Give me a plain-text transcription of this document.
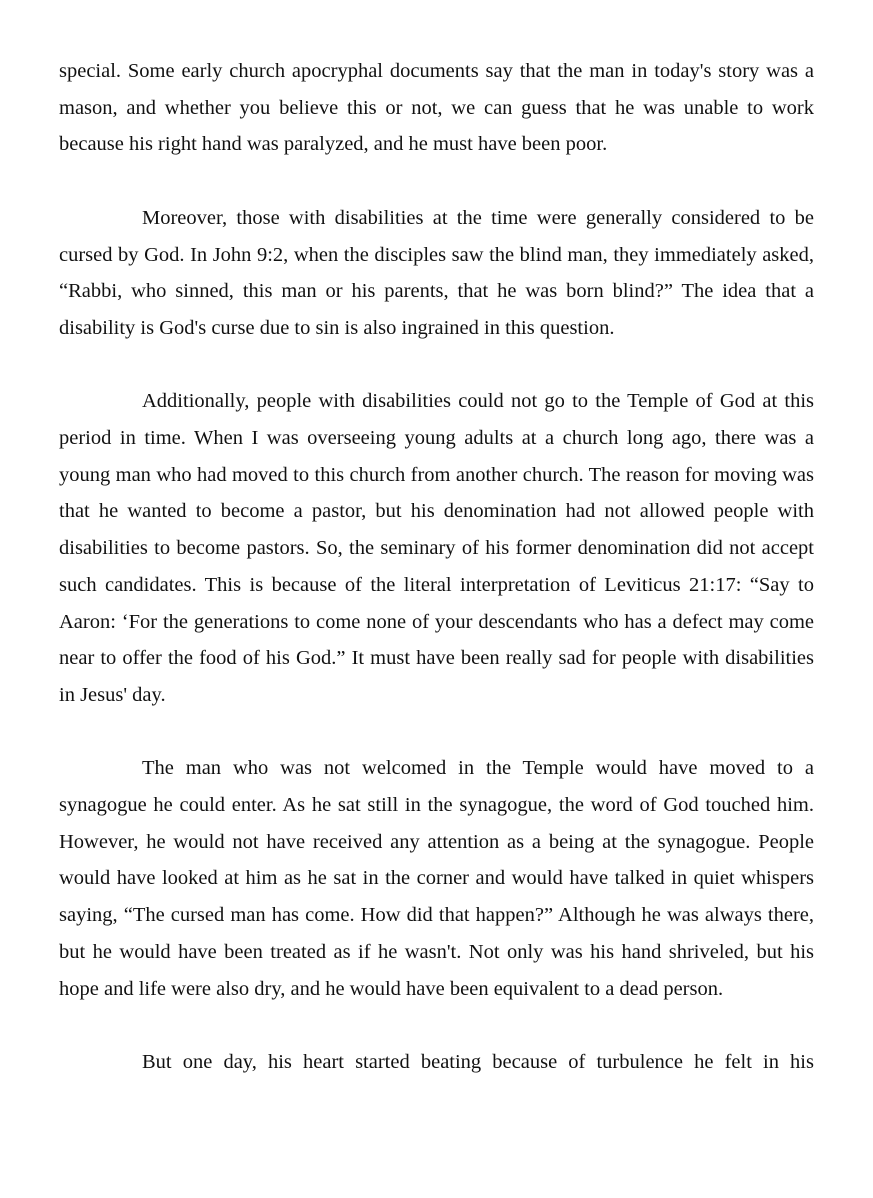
special. Some early church apocryphal documents say that the man in today's story was a mason, and whether you believe this or not, we can guess that he was unable to work because his right hand was paralyzed, and he must have been poor.

Moreover, those with disabilities at the time were generally considered to be cursed by God. In John 9:2, when the disciples saw the blind man, they immediately asked, “Rabbi, who sinned, this man or his parents, that he was born blind?” The idea that a disability is God's curse due to sin is also ingrained in this question.

Additionally, people with disabilities could not go to the Temple of God at this period in time. When I was overseeing young adults at a church long ago, there was a young man who had moved to this church from another church. The reason for moving was that he wanted to become a pastor, but his denomination had not allowed people with disabilities to become pastors. So, the seminary of his former denomination did not accept such candidates. This is because of the literal interpretation of Leviticus 21:17: “Say to Aaron: ‘For the generations to come none of your descendants who has a defect may come near to offer the food of his God.” It must have been really sad for people with disabilities in Jesus' day.

The man who was not welcomed in the Temple would have moved to a synagogue he could enter. As he sat still in the synagogue, the word of God touched him. However, he would not have received any attention as a being at the synagogue. People would have looked at him as he sat in the corner and would have talked in quiet whispers saying, “The cursed man has come. How did that happen?” Although he was always there, but he would have been treated as if he wasn't. Not only was his hand shriveled, but his hope and life were also dry, and he would have been equivalent to a dead person.

But one day, his heart started beating because of turbulence he felt in his
